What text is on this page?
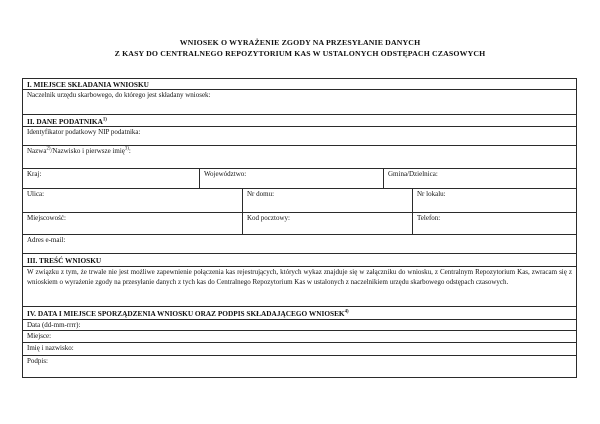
WNIOSEK O WYRAŻENIE ZGODY NA PRZESYŁANIE DANYCH
Z KASY DO CENTRALNEGO REPOZYTORIUM KAS W USTALONYCH ODSTĘPACH CZASOWYCH
I. MIEJSCE SKŁADANIA WNIOSKU
Naczelnik urzędu skarbowego, do którego jest składany wniosek:
II. DANE PODATNIKA$^{1)}$
Identyfikator podatkowy NIP podatnika:
Nazwa$^{2)}$/Nazwisko i pierwsze imię$^{3)}$:
Kraj:	Województwo:	Gmina/Dzielnica:
Ulica:	Nr domu:	Nr lokalu:
Miejscowość:	Kod pocztowy:	Telefon:
Adres e-mail:
III. TREŚĆ WNIOSKU
W związku z tym, że trwale nie jest możliwe zapewnienie połączenia kas rejestrujących, których wykaz znajduje się w załączniku do wniosku, z Centralnym Repozytorium Kas, zwracam się z wnioskiem o wyrażenie zgody na przesyłanie danych z tych kas do Centralnego Repozytorium Kas w ustalonych z naczelnikiem urzędu skarbowego odstępach czasowych.
IV. DATA I MIEJSCE SPORZĄDZENIA WNIOSKU ORAZ PODPIS SKŁADAJĄCEGO WNIOSEK$^{4)}$
Data (dd-mm-rrrr):
Miejsce:
Imię i nazwisko:
Podpis:
